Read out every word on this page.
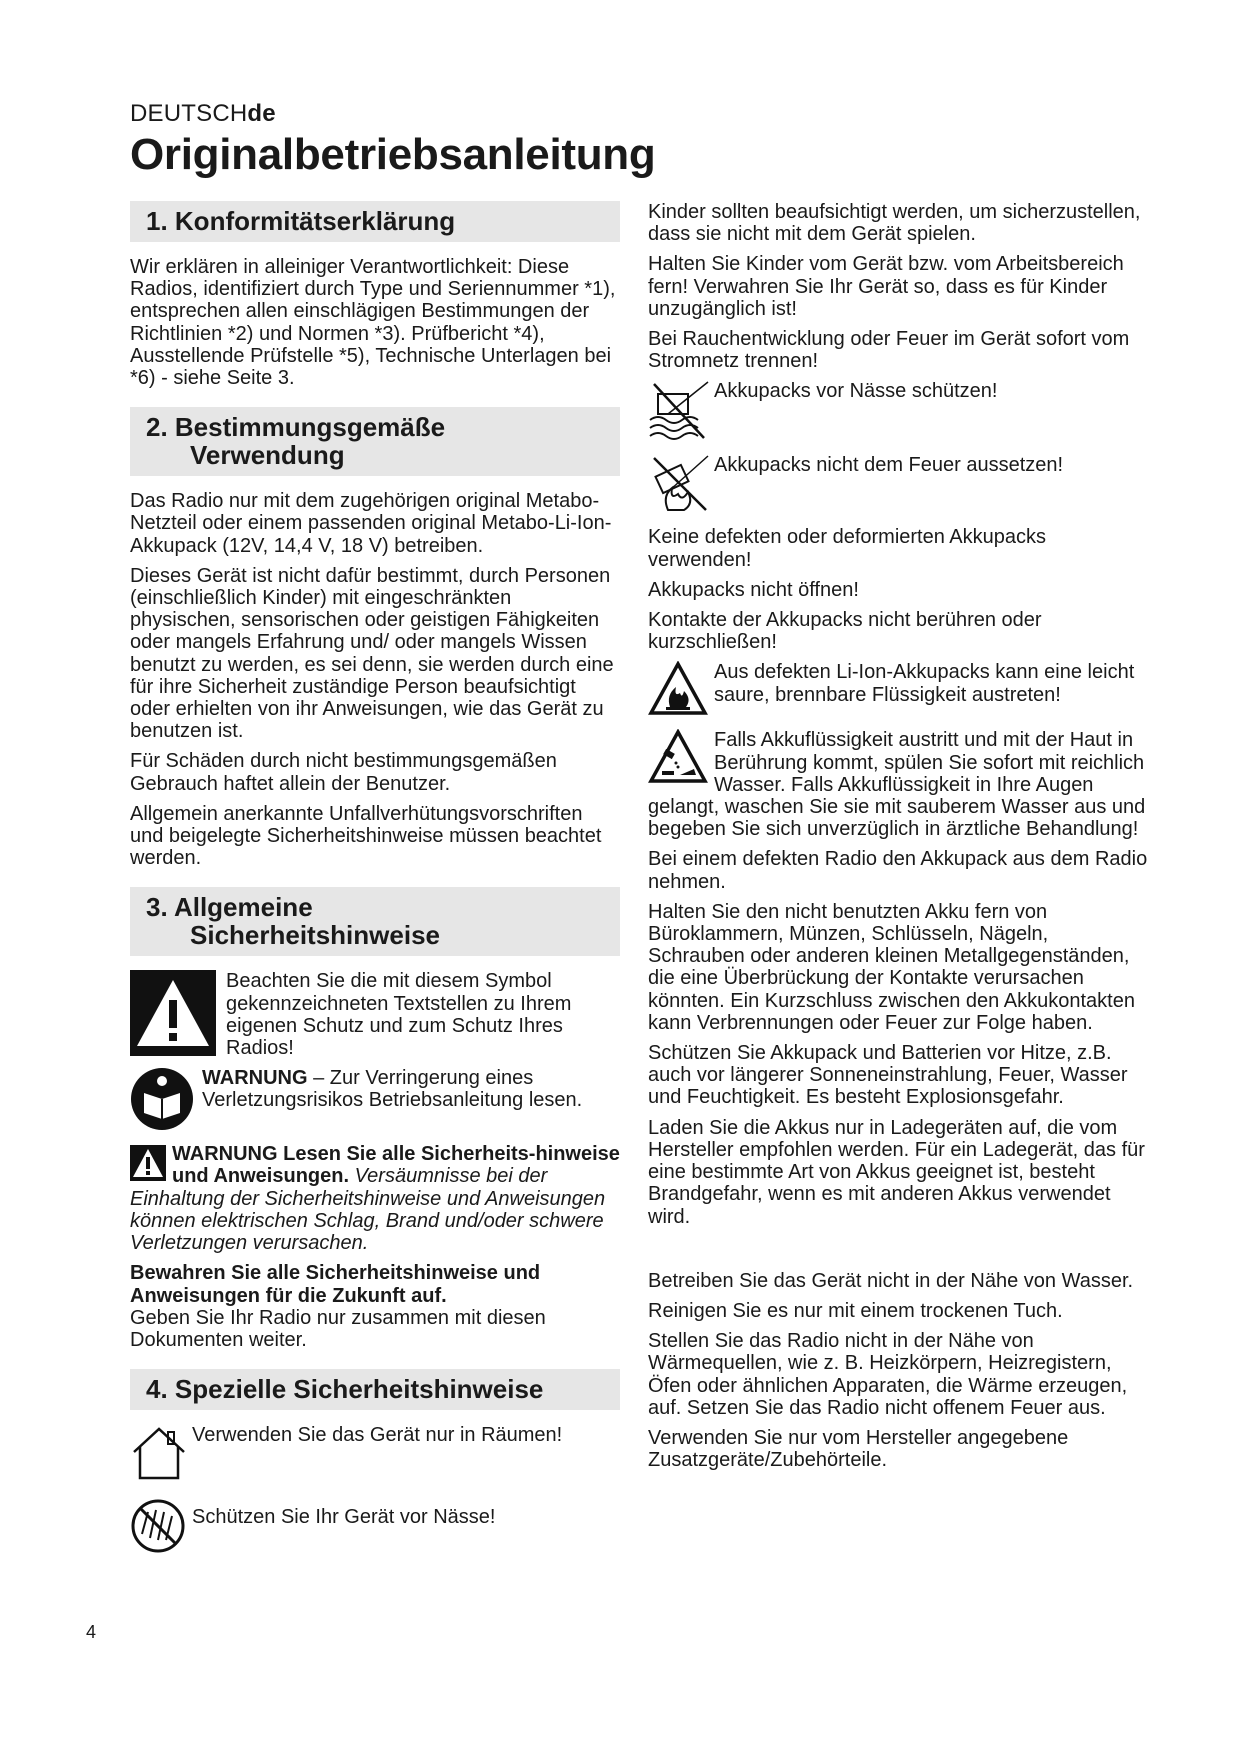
DEUTSCHde
Originalbetriebsanleitung
1. Konformitätserklärung

Wir erklären in alleiniger Verantwortlichkeit: Diese Radios, identifiziert durch Type und Seriennummer *1), entsprechen allen einschlägigen Bestimmungen der Richtlinien *2) und Normen *3). Prüfbericht *4), Ausstellende Prüfstelle *5), Technische Unterlagen bei *6) - siehe Seite 3.

2. Bestimmungsgemäße
Verwendung

Das Radio nur mit dem zugehörigen original Metabo-Netzteil oder einem passenden original Metabo-Li-Ion-Akkupack (12V, 14,4 V, 18 V) betreiben.

Dieses Gerät ist nicht dafür bestimmt, durch Personen (einschließlich Kinder) mit eingeschränkten physischen, sensorischen oder geistigen Fähigkeiten oder mangels Erfahrung und/ oder mangels Wissen benutzt zu werden, es sei denn, sie werden durch eine für ihre Sicherheit zuständige Person beaufsichtigt oder erhielten von ihr Anweisungen, wie das Gerät zu benutzen ist.

Für Schäden durch nicht bestimmungsgemäßen Gebrauch haftet allein der Benutzer.

Allgemein anerkannte Unfallverhütungsvorschriften und beigelegte Sicherheitshinweise müssen beachtet werden.

3. Allgemeine
Sicherheitshinweise

Beachten Sie die mit diesem Symbol gekennzeichneten Textstellen zu Ihrem eigenen Schutz und zum Schutz Ihres Radios!

WARNUNG – Zur Verringerung eines Verletzungsrisikos Betriebsanleitung lesen.

WARNUNG Lesen Sie alle Sicherheits-hinweise und Anweisungen. Versäumnisse bei der Einhaltung der Sicherheitshinweise und Anweisungen können elektrischen Schlag, Brand und/oder schwere Verletzungen verursachen.

Bewahren Sie alle Sicherheitshinweise und Anweisungen für die Zukunft auf.
Geben Sie Ihr Radio nur zusammen mit diesen Dokumenten weiter.

4. Spezielle Sicherheitshinweise

Verwenden Sie das Gerät nur in Räumen!

Schützen Sie Ihr Gerät vor Nässe!

Kinder sollten beaufsichtigt werden, um sicherzustellen, dass sie nicht mit dem Gerät spielen.

Halten Sie Kinder vom Gerät bzw. vom Arbeitsbereich fern! Verwahren Sie Ihr Gerät so, dass es für Kinder unzugänglich ist!

Bei Rauchentwicklung oder Feuer im Gerät sofort vom Stromnetz trennen!

Akkupacks vor Nässe schützen!

Akkupacks nicht dem Feuer aussetzen!

Keine defekten oder deformierten Akkupacks verwenden!

Akkupacks nicht öffnen!

Kontakte der Akkupacks nicht berühren oder kurzschließen!

Aus defekten Li-Ion-Akkupacks kann eine leicht saure, brennbare Flüssigkeit austreten!

Falls Akkuflüssigkeit austritt und mit der Haut in Berührung kommt, spülen Sie sofort mit reichlich Wasser. Falls Akkuflüssigkeit in Ihre Augen gelangt, waschen Sie sie mit sauberem Wasser aus und begeben Sie sich unverzüglich in ärztliche Behandlung!

Bei einem defekten Radio den Akkupack aus dem Radio nehmen.

Halten Sie den nicht benutzten Akku fern von Büroklammern, Münzen, Schlüsseln, Nägeln, Schrauben oder anderen kleinen Metallgegenständen, die eine Überbrückung der Kontakte verursachen könnten. Ein Kurzschluss zwischen den Akkukontakten kann Verbrennungen oder Feuer zur Folge haben.

Schützen Sie Akkupack und Batterien vor Hitze, z.B. auch vor längerer Sonneneinstrahlung, Feuer, Wasser und Feuchtigkeit. Es besteht Explosionsgefahr.

Laden Sie die Akkus nur in Ladegeräten auf, die vom Hersteller empfohlen werden. Für ein Ladegerät, das für eine bestimmte Art von Akkus geeignet ist, besteht Brandgefahr, wenn es mit anderen Akkus verwendet wird.

Betreiben Sie das Gerät nicht in der Nähe von Wasser.

Reinigen Sie es nur mit einem trockenen Tuch.

Stellen Sie das Radio nicht in der Nähe von Wärmequellen, wie z. B. Heizkörpern, Heizregistern, Öfen oder ähnlichen Apparaten, die Wärme erzeugen, auf. Setzen Sie das Radio nicht offenem Feuer aus.

Verwenden Sie nur vom Hersteller angegebene Zusatzgeräte/Zubehörteile.

4
